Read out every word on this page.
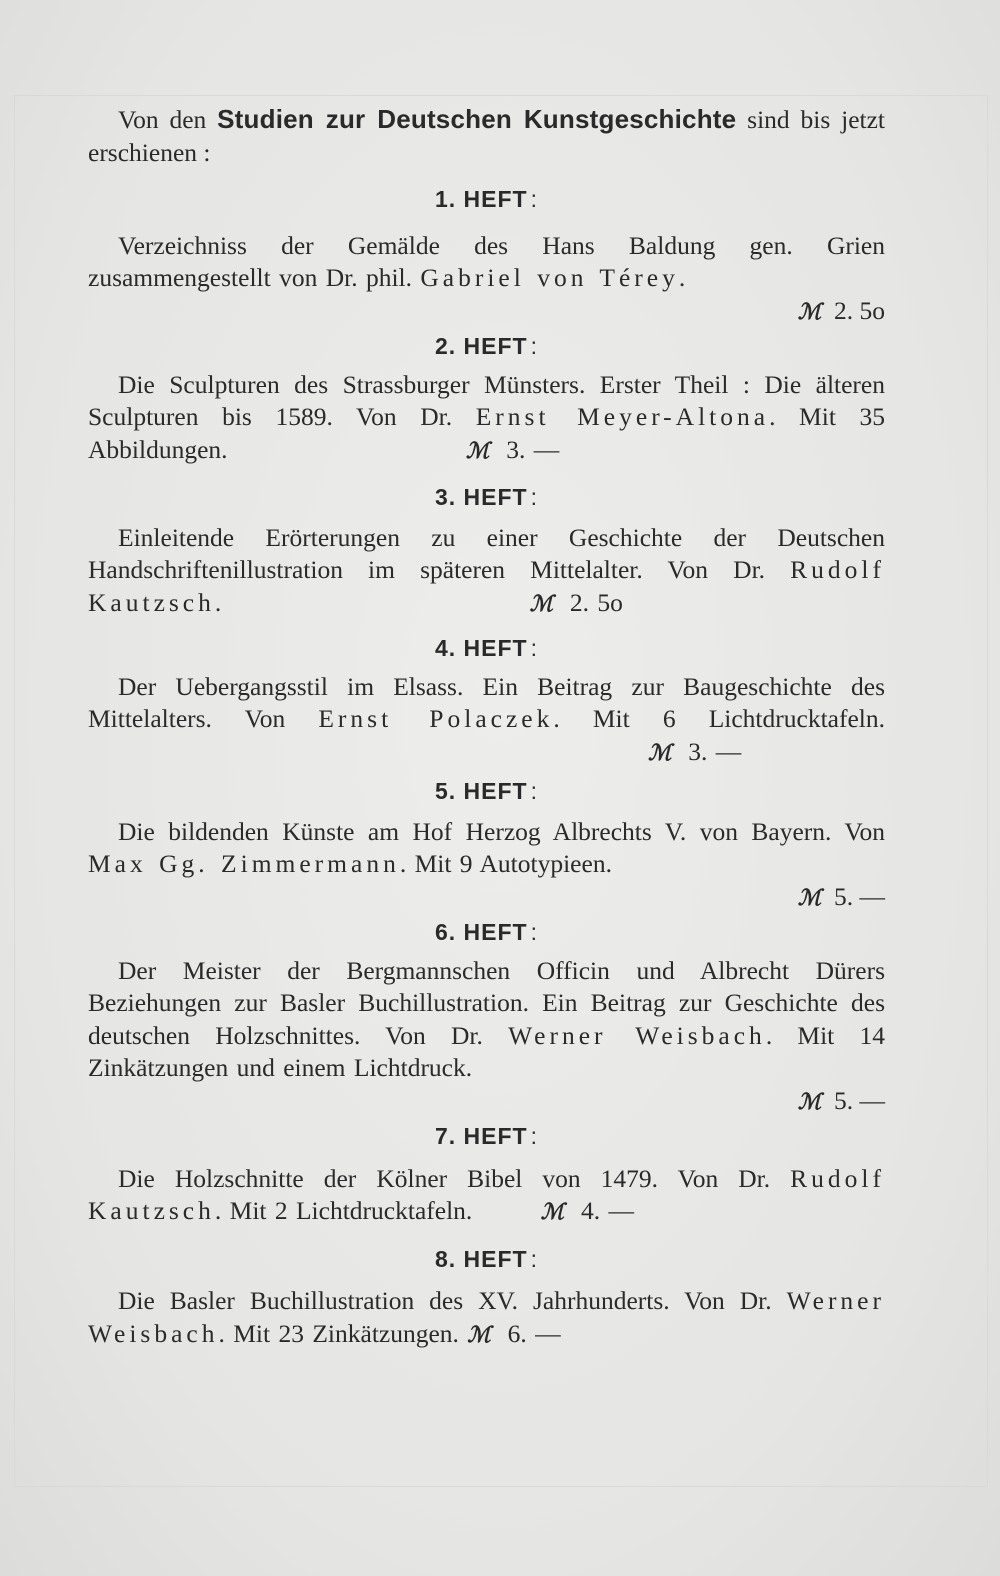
Von den Studien zur Deutschen Kunstgeschichte sind bis jetzt erschienen :

1. HEFT :

Verzeichniss der Gemälde des Hans Baldung gen. Grien zusammengestellt von Dr. phil. Gabriel von Térey.

ℳ 2. 5o

2. HEFT :

Die Sculpturen des Strassburger Münsters. Erster Theil : Die älteren Sculpturen bis 1589. Von Dr. Ernst Meyer-Altona. Mit 35 Abbildungen.	ℳ 3. —

3. HEFT :

Einleitende Erörterungen zu einer Geschichte der Deutschen Handschriftenillustration im späteren Mittelalter. Von Dr. Rudolf Kautzsch.	ℳ 2. 5o

4. HEFT :

Der Uebergangsstil im Elsass. Ein Beitrag zur Baugeschichte des Mittelalters. Von Ernst Polaczek. Mit 6 Lichtdrucktafeln. ℳ 3. —

5. HEFT :

Die bildenden Künste am Hof Herzog Albrechts V. von Bayern. Von Max Gg. Zimmermann. Mit 9 Autotypieen.

ℳ 5. —

6. HEFT :

Der Meister der Bergmannschen Officin und Albrecht Dürers Beziehungen zur Basler Buchillustration. Ein Beitrag zur Geschichte des deutschen Holzschnittes. Von Dr. Werner Weisbach. Mit 14 Zinkätzungen und einem Lichtdruck.

ℳ 5. —

7. HEFT :

Die Holzschnitte der Kölner Bibel von 1479. Von Dr. Rudolf Kautzsch. Mit 2 Lichtdrucktafeln.	ℳ 4. —

8. HEFT :

Die Basler Buchillustration des XV. Jahrhunderts. Von Dr. Werner Weisbach. Mit 23 Zinkätzungen. ℳ 6. —
